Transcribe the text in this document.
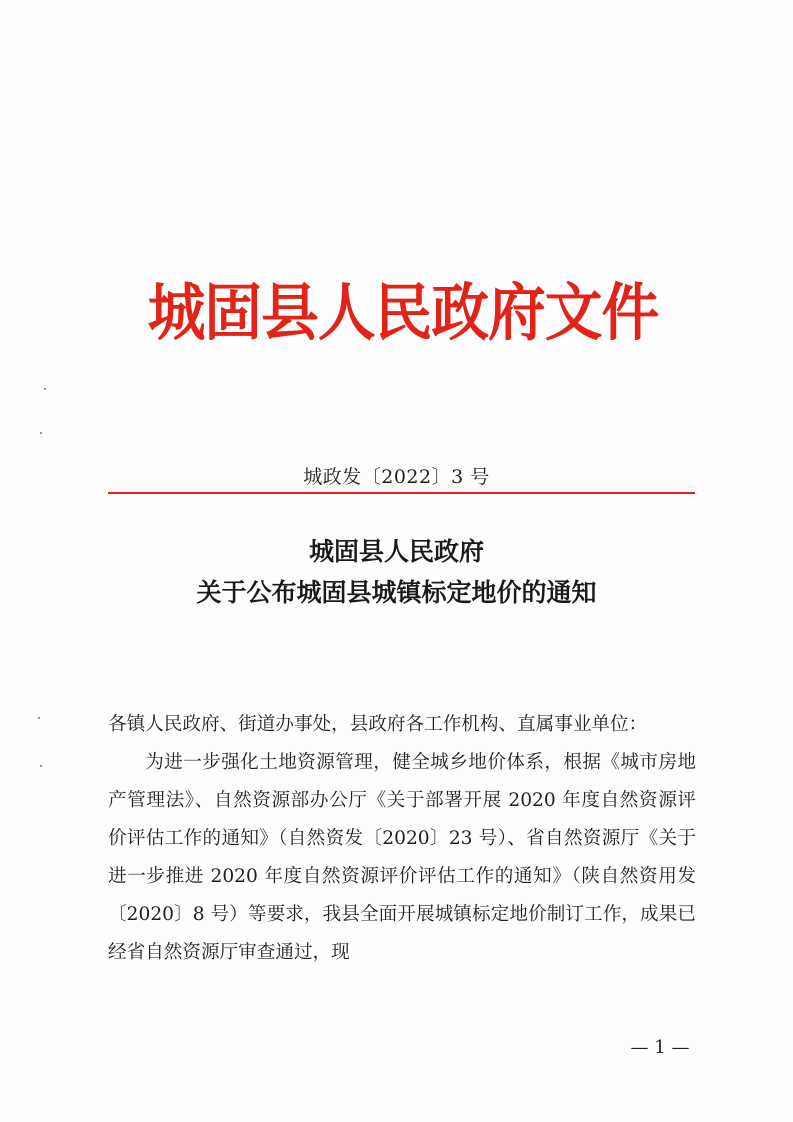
城固县人民政府文件
城政发〔2022〕3 号
城固县人民政府
关于公布城固县城镇标定地价的通知

各镇人民政府、街道办事处，县政府各工作机构、直属事业单位：

为进一步强化土地资源管理，健全城乡地价体系，根据《城市房地产管理法》、自然资源部办公厅《关于部署开展 2020 年度自然资源评价评估工作的通知》（自然资发〔2020〕23 号）、省自然资源厅《关于进一步推进 2020 年度自然资源评价评估工作的通知》（陕自然资用发〔2020〕8 号）等要求，我县全面开展城镇标定地价制订工作，成果已经省自然资源厅审查通过，现

— 1 —
